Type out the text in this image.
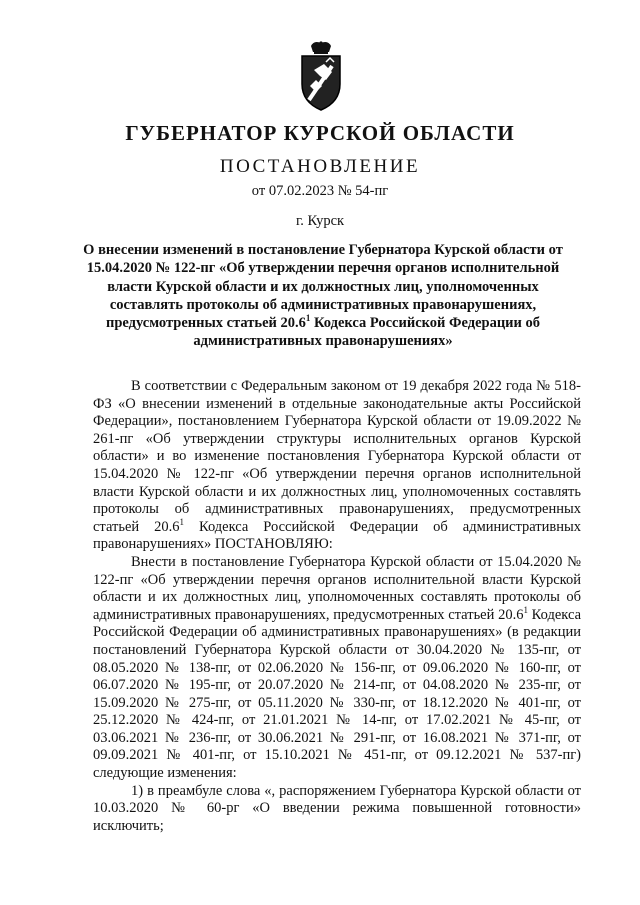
ГУБЕРНАТОР КУРСКОЙ ОБЛАСТИ
ПОСТАНОВЛЕНИЕ
от 07.02.2023 № 54-пг
г. Курск
О внесении изменений в постановление Губернатора Курской области от 15.04.2020 № 122-пг «Об утверждении перечня органов исполнительной власти Курской области и их должностных лиц, уполномоченных составлять протоколы об административных правонарушениях, предусмотренных статьей 20.6$^1$ Кодекса Российской Федерации об административных правонарушениях»

В соответствии с Федеральным законом от 19 декабря 2022 года № 518-ФЗ «О внесении изменений в отдельные законодательные акты Российской Федерации», постановлением Губернатора Курской области от 19.09.2022 № 261-пг «Об утверждении структуры исполнительных органов Курской области» и во изменение постановления Губернатора Курской области от 15.04.2020 № 122-пг «Об утверждении перечня органов исполнительной власти Курской области и их должностных лиц, уполномоченных составлять протоколы об административных правонарушениях, предусмотренных статьей 20.6$^1$ Кодекса Российской Федерации об административных правонарушениях» ПОСТАНОВЛЯЮ:

Внести в постановление Губернатора Курской области от 15.04.2020 № 122-пг «Об утверждении перечня органов исполнительной власти Курской области и их должностных лиц, уполномоченных составлять протоколы об административных правонарушениях, предусмотренных статьей 20.6$^1$ Кодекса Российской Федерации об административных правонарушениях» (в редакции постановлений Губернатора Курской области от 30.04.2020 № 135-пг, от 08.05.2020 № 138-пг, от 02.06.2020 № 156-пг, от 09.06.2020 № 160-пг, от 06.07.2020 № 195-пг, от 20.07.2020 № 214-пг, от 04.08.2020 № 235-пг, от 15.09.2020 № 275-пг, от 05.11.2020 № 330-пг, от 18.12.2020 № 401-пг, от 25.12.2020 № 424-пг, от 21.01.2021 № 14-пг, от 17.02.2021 № 45-пг, от 03.06.2021 № 236-пг, от 30.06.2021 № 291-пг, от 16.08.2021 № 371-пг, от 09.09.2021 № 401-пг, от 15.10.2021 № 451-пг, от 09.12.2021 № 537-пг) следующие изменения:

1) в преамбуле слова «, распоряжением Губернатора Курской области от 10.03.2020 № 60-рг «О введении режима повышенной готовности» исключить;
